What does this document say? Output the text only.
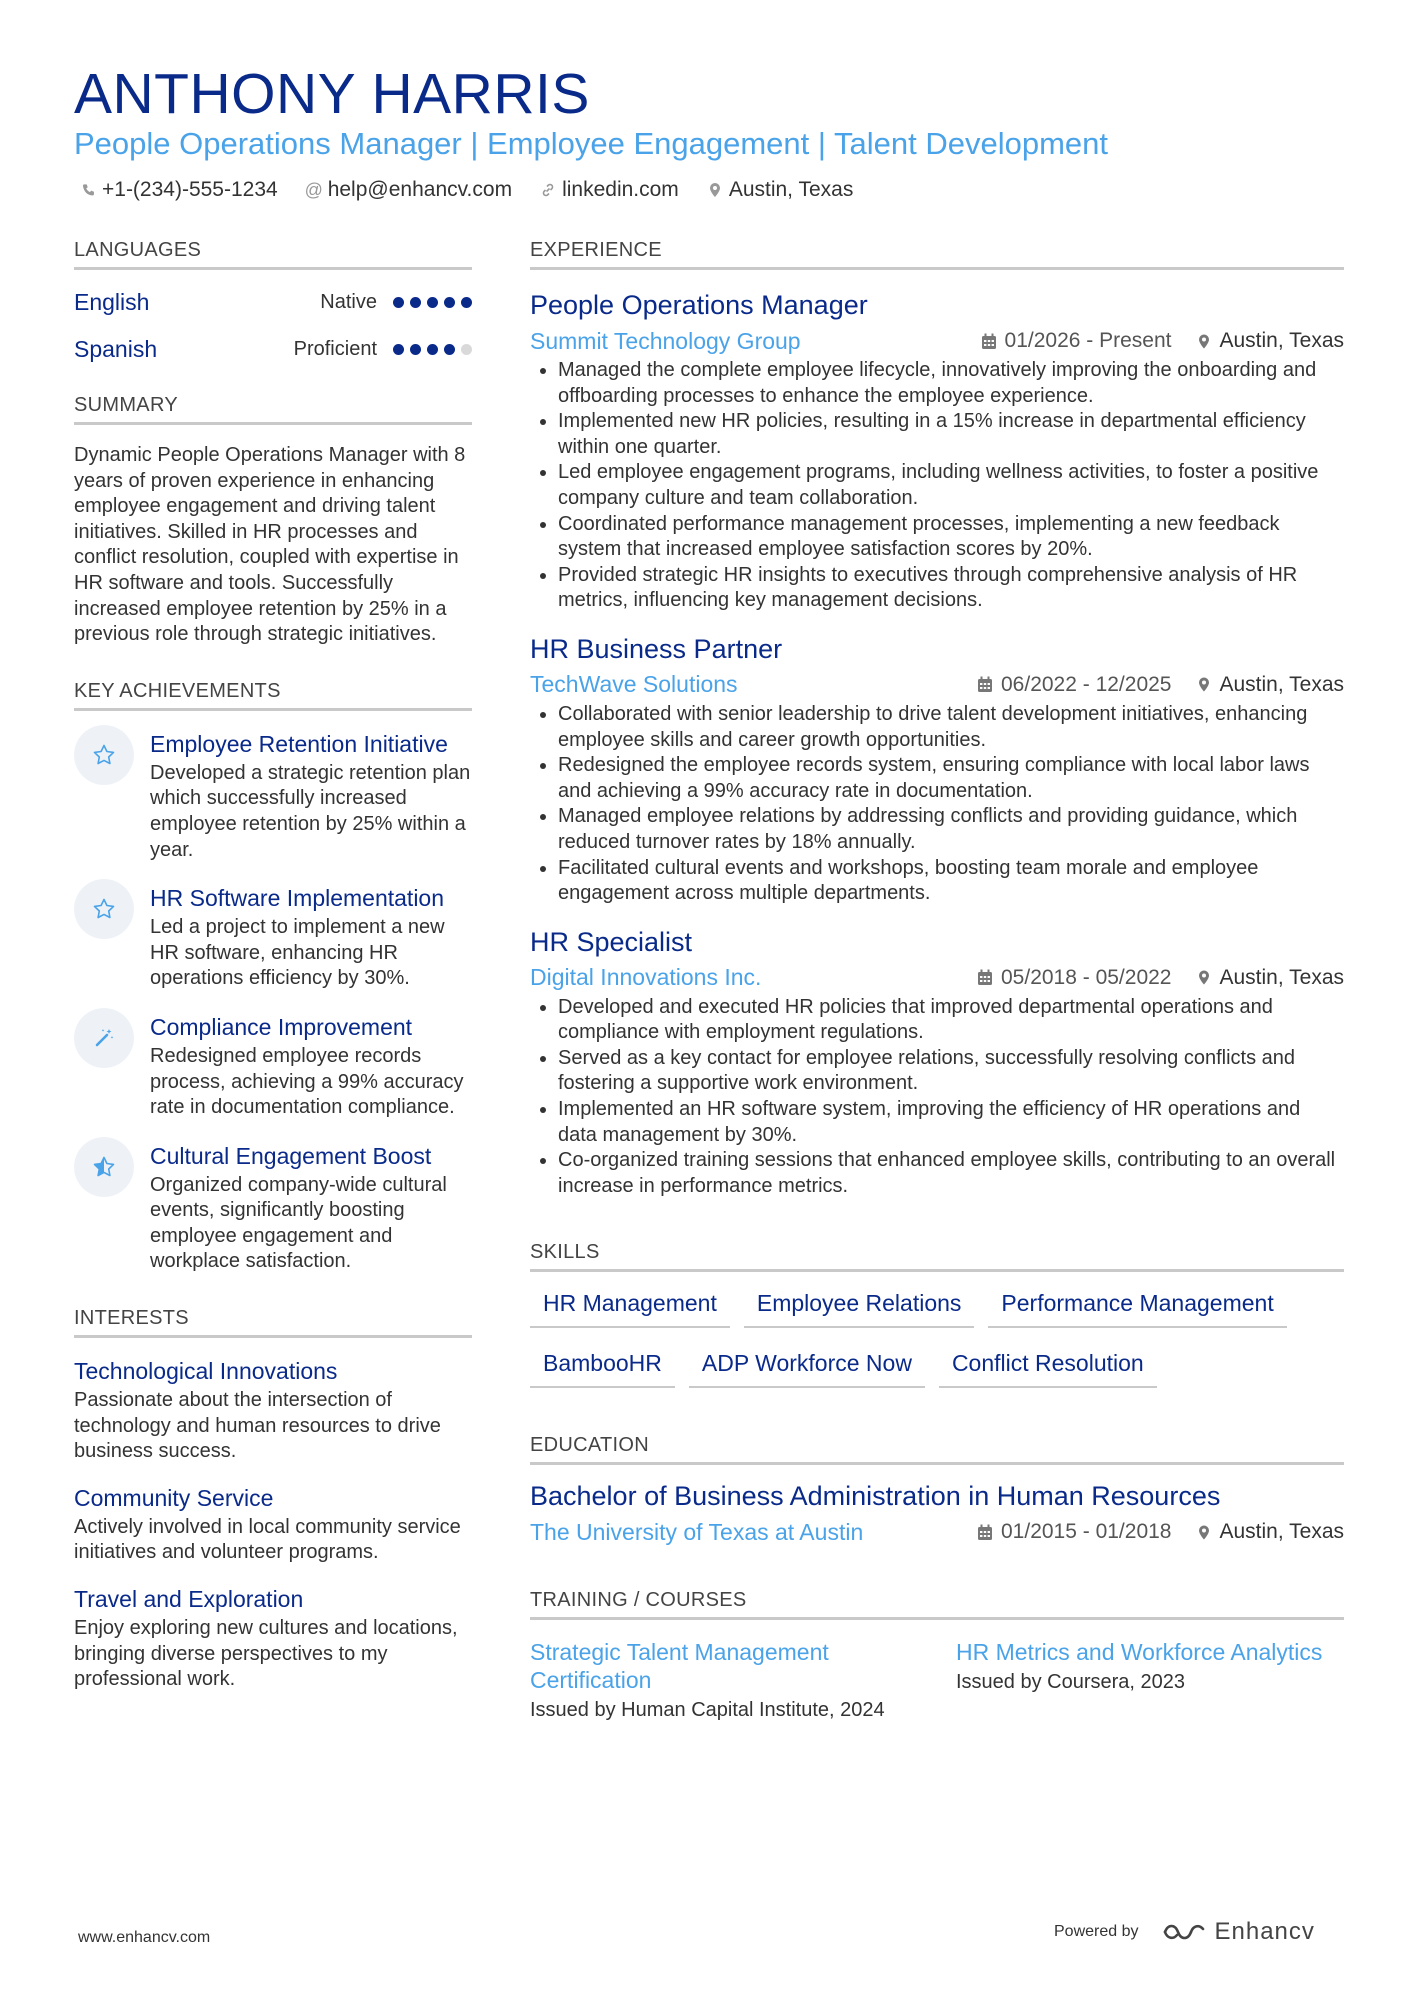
ANTHONY HARRIS
People Operations Manager | Employee Engagement | Talent Development
+1-(234)-555-1234 @ help@enhancv.com linkedin.com Austin, Texas
LANGUAGES
English	Native
Spanish	Proficient
SUMMARY
Dynamic People Operations Manager with 8 years of proven experience in enhancing employee engagement and driving talent initiatives. Skilled in HR processes and conflict resolution, coupled with expertise in HR software and tools. Successfully increased employee retention by 25% in a previous role through strategic initiatives.
KEY ACHIEVEMENTS
Employee Retention Initiative
Developed a strategic retention plan which successfully increased employee retention by 25% within a year.
HR Software Implementation
Led a project to implement a new HR software, enhancing HR operations efficiency by 30%.
Compliance Improvement
Redesigned employee records process, achieving a 99% accuracy rate in documentation compliance.
Cultural Engagement Boost
Organized company-wide cultural events, significantly boosting employee engagement and workplace satisfaction.
INTERESTS
Technological Innovations
Passionate about the intersection of technology and human resources to drive business success.
Community Service
Actively involved in local community service initiatives and volunteer programs.
Travel and Exploration
Enjoy exploring new cultures and locations, bringing diverse perspectives to my professional work.
EXPERIENCE
People Operations Manager
Summit Technology Group	01/2026 - Present Austin, Texas
• Managed the complete employee lifecycle, innovatively improving the onboarding and offboarding processes to enhance the employee experience.
• Implemented new HR policies, resulting in a 15% increase in departmental efficiency within one quarter.
• Led employee engagement programs, including wellness activities, to foster a positive company culture and team collaboration.
• Coordinated performance management processes, implementing a new feedback system that increased employee satisfaction scores by 20%.
• Provided strategic HR insights to executives through comprehensive analysis of HR metrics, influencing key management decisions.
HR Business Partner
TechWave Solutions	06/2022 - 12/2025 Austin, Texas
• Collaborated with senior leadership to drive talent development initiatives, enhancing employee skills and career growth opportunities.
• Redesigned the employee records system, ensuring compliance with local labor laws and achieving a 99% accuracy rate in documentation.
• Managed employee relations by addressing conflicts and providing guidance, which reduced turnover rates by 18% annually.
• Facilitated cultural events and workshops, boosting team morale and employee engagement across multiple departments.
HR Specialist
Digital Innovations Inc.	05/2018 - 05/2022 Austin, Texas
• Developed and executed HR policies that improved departmental operations and compliance with employment regulations.
• Served as a key contact for employee relations, successfully resolving conflicts and fostering a supportive work environment.
• Implemented an HR software system, improving the efficiency of HR operations and data management by 30%.
• Co-organized training sessions that enhanced employee skills, contributing to an overall increase in performance metrics.
SKILLS
HR Management	Employee Relations	Performance Management
BambooHR	ADP Workforce Now	Conflict Resolution
EDUCATION
Bachelor of Business Administration in Human Resources
The University of Texas at Austin	01/2015 - 01/2018 Austin, Texas
TRAINING / COURSES
Strategic Talent Management Certification
Issued by Human Capital Institute, 2024
HR Metrics and Workforce Analytics
Issued by Coursera, 2023
www.enhancv.com	Powered by	Enhancv
